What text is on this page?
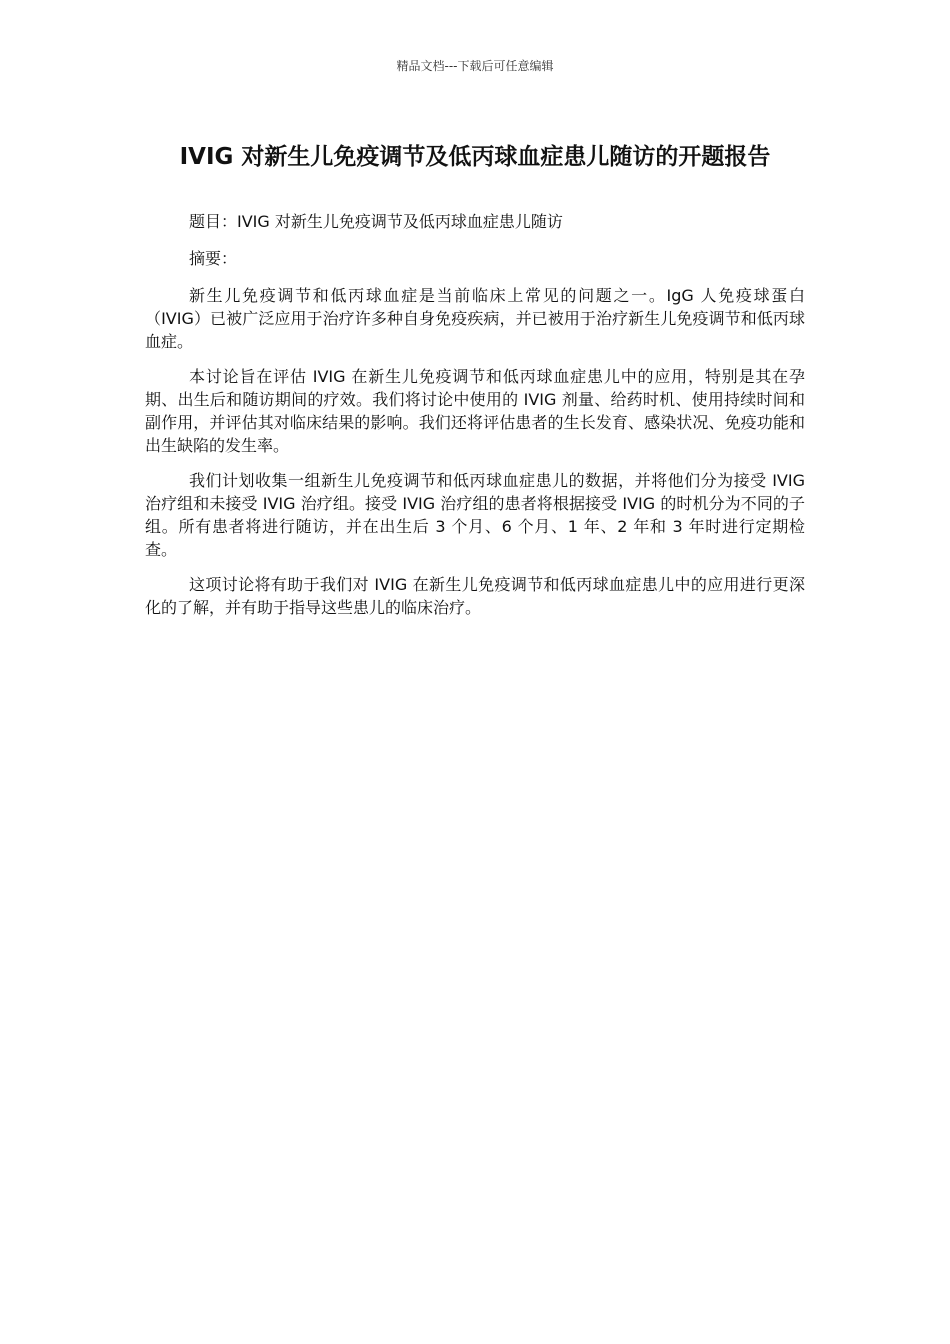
精品文档---下载后可任意编辑
IVIG 对新生儿免疫调节及低丙球血症患儿随访的开题报告

题目：IVIG 对新生儿免疫调节及低丙球血症患儿随访

摘要：

新生儿免疫调节和低丙球血症是当前临床上常见的问题之一。IgG 人免疫球蛋白（IVIG）已被广泛应用于治疗许多种自身免疫疾病，并已被用于治疗新生儿免疫调节和低丙球血症。

本讨论旨在评估 IVIG 在新生儿免疫调节和低丙球血症患儿中的应用，特别是其在孕期、出生后和随访期间的疗效。我们将讨论中使用的 IVIG 剂量、给药时机、使用持续时间和副作用，并评估其对临床结果的影响。我们还将评估患者的生长发育、感染状况、免疫功能和出生缺陷的发生率。

我们计划收集一组新生儿免疫调节和低丙球血症患儿的数据，并将他们分为接受 IVIG 治疗组和未接受 IVIG 治疗组。接受 IVIG 治疗组的患者将根据接受 IVIG 的时机分为不同的子组。所有患者将进行随访，并在出生后 3 个月、6 个月、1 年、2 年和 3 年时进行定期检查。

这项讨论将有助于我们对 IVIG 在新生儿免疫调节和低丙球血症患儿中的应用进行更深化的了解，并有助于指导这些患儿的临床治疗。
